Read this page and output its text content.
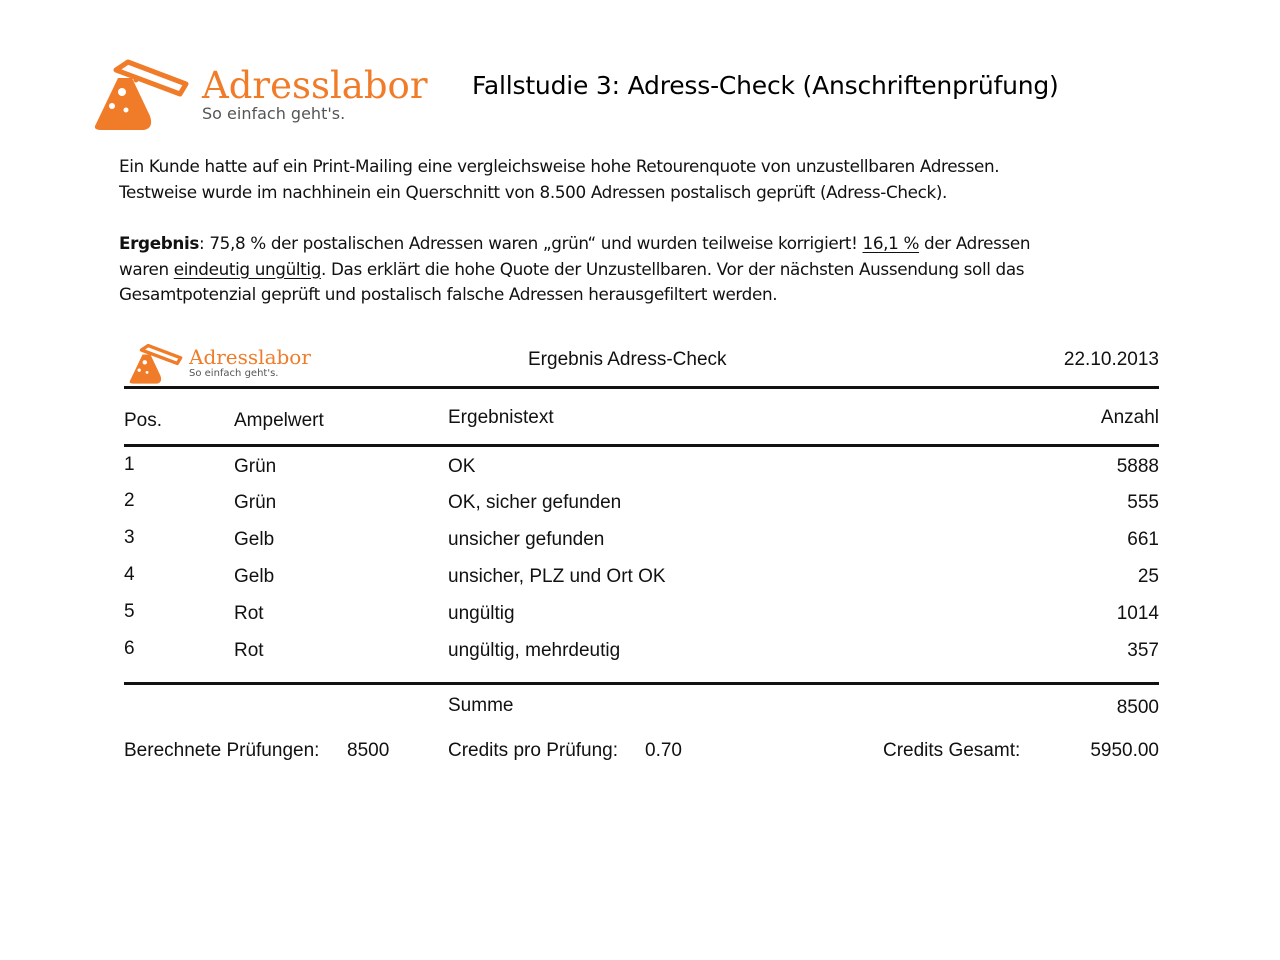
Adresslabor
So einfach geht's.
Fallstudie 3: Adress-Check (Anschriftenprüfung)
Ein Kunde hatte auf ein Print-Mailing eine vergleichsweise hohe Retourenquote von unzustellbaren Adressen.
Testweise wurde im nachhinein ein Querschnitt von 8.500 Adressen postalisch geprüft (Adress-Check).
Ergebnis: 75,8 % der postalischen Adressen waren „grün“ und wurden teilweise korrigiert! 16,1 % der Adressen
waren eindeutig ungültig. Das erklärt die hohe Quote der Unzustellbaren. Vor der nächsten Aussendung soll das
Gesamtpotenzial geprüft und postalisch falsche Adressen herausgefiltert werden.
Adresslabor
So einfach geht's.
Ergebnis Adress-Check	22.10.2013
Pos.	Ampelwert	Ergebnistext	Anzahl
1	Grün	OK	5888
2	Grün	OK, sicher gefunden	555
3	Gelb	unsicher gefunden	661
4	Gelb	unsicher, PLZ und Ort OK	25
5	Rot	ungültig	1014
6	Rot	ungültig, mehrdeutig	357
Summe	8500
Berechnete Prüfungen: 8500	Credits pro Prüfung: 0.70	Credits Gesamt:	5950.00
